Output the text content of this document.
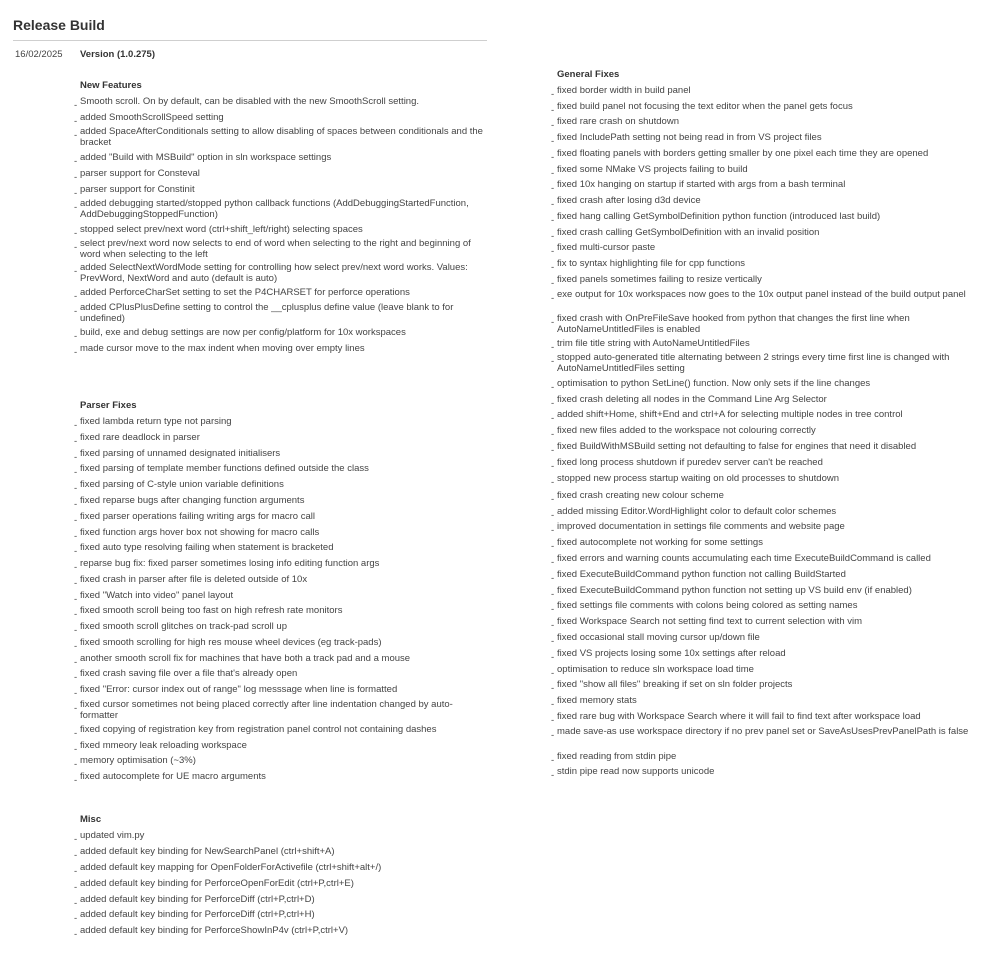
Release Build
16/02/2025 Version (1.0.275)
New Features
- Smooth scroll. On by default, can be disabled with the new SmoothScroll setting.
- added SmoothScrollSpeed setting
- added SpaceAfterConditionals setting to allow disabling of spaces between conditionals and the bracket
- added "Build with MSBuild" option in sln workspace settings
- parser support for Consteval
- parser support for Constinit
- added debugging started/stopped python callback functions (AddDebuggingStartedFunction, AddDebuggingStoppedFunction)
- stopped select prev/next word (ctrl+shift_left/right) selecting spaces
- select prev/next word now selects to end of word when selecting to the right and beginning of word when selecting to the left
- added SelectNextWordMode setting for controlling how select prev/next word works. Values: PrevWord, NextWord and auto (default is auto)
- added PerforceCharSet setting to set the P4CHARSET for perforce operations
- added CPlusPlusDefine setting to control the __cplusplus define value (leave blank to for undefined)
- build, exe and debug settings are now per config/platform for 10x workspaces
- made cursor move to the max indent when moving over empty lines
Parser Fixes
- fixed lambda return type not parsing
- fixed rare deadlock in parser
- fixed parsing of unnamed designated initialisers
- fixed parsing of template member functions defined outside the class
- fixed parsing of C-style union variable definitions
- fixed reparse bugs after changing function arguments
- fixed parser operations failing writing args for macro call
- fixed function args hover box not showing for macro calls
- fixed auto type resolving failing when statement is bracketed
- reparse bug fix: fixed parser sometimes losing info editing function args
- fixed crash in parser after file is deleted outside of 10x
- fixed "Watch into video" panel layout
- fixed smooth scroll being too fast on high refresh rate monitors
- fixed smooth scroll glitches on track-pad scroll up
- fixed smooth scrolling for high res mouse wheel devices (eg track-pads)
- another smooth scroll fix for machines that have both a track pad and a mouse
- fixed crash saving file over a file that's already open
- fixed "Error: cursor index out of range" log messsage when line is formatted
- fixed cursor sometimes not being placed correctly after line indentation changed by auto-formatter
- fixed copying of registration key from registration panel control not containing dashes
- fixed mmeory leak reloading workspace
- memory optimisation (~3%)
- fixed autocomplete for UE macro arguments
Misc
- updated vim.py
- added default key binding for NewSearchPanel (ctrl+shift+A)
- added default key mapping for OpenFolderForActivefile (ctrl+shift+alt+/)
- added default key binding for PerforceOpenForEdit (ctrl+P,ctrl+E)
- added default key binding for PerforceDiff (ctrl+P,ctrl+D)
- added default key binding for PerforceDiff (ctrl+P,ctrl+H)
- added default key binding for PerforceShowInP4v (ctrl+P,ctrl+V)
General Fixes
- fixed border width in build panel
- fixed build panel not focusing the text editor when the panel gets focus
- fixed rare crash on shutdown
- fixed IncludePath setting not being read in from VS project files
- fixed floating panels with borders getting smaller by one pixel each time they are opened
- fixed some NMake VS projects failing to build
- fixed 10x hanging on startup if started with args from a bash terminal
- fixed crash after losing d3d device
- fixed hang calling GetSymbolDefinition python function (introduced last build)
- fixed crash calling GetSymbolDefinition with an invalid position
- fixed multi-cursor paste
- fix to syntax highlighting file for cpp functions
- fixed panels sometimes failing to resize vertically
- exe output for 10x workspaces now goes to the 10x output panel instead of the build output panel
- fixed crash with OnPreFileSave hooked from python that changes the first line when AutoNameUntitledFiles is enabled
- trim file title string with AutoNameUntitledFiles
- stopped auto-generated title alternating between 2 strings every time first line is changed with AutoNameUntitledFiles setting
- optimisation to python SetLine() function. Now only sets if the line changes
- fixed crash deleting all nodes in the Command Line Arg Selector
- added shift+Home, shift+End and ctrl+A for selecting multiple nodes in tree control
- fixed new files added to the workspace not colouring correctly
- fixed BuildWithMSBuild setting not defaulting to false for engines that need it disabled
- fixed long process shutdown if puredev server can't be reached
- stopped new process startup waiting on old processes to shutdown
- fixed crash creating new colour scheme
- added missing Editor.WordHighlight color to default color schemes
- improved documentation in settings file comments and website page
- fixed autocomplete not working for some settings
- fixed errors and warning counts accumulating each time ExecuteBuildCommand is called
- fixed ExecuteBuildCommand python function not calling BuildStarted
- fixed ExecuteBuildCommand python function not setting up VS build env (if enabled)
- fixed settings file comments with colons being colored as setting names
- fixed Workspace Search not setting find text to current selection with vim
- fixed occasional stall moving cursor up/down file
- fixed VS projects losing some 10x settings after reload
- optimisation to reduce sln workspace load time
- fixed "show all files" breaking if set on sln folder projects
- fixed memory stats
- fixed rare bug with Workspace Search where it will fail to find text after workspace load
- made save-as use workspace directory if no prev panel set or SaveAsUsesPrevPanelPath is false
- fixed reading from stdin pipe
- stdin pipe read now supports unicode
